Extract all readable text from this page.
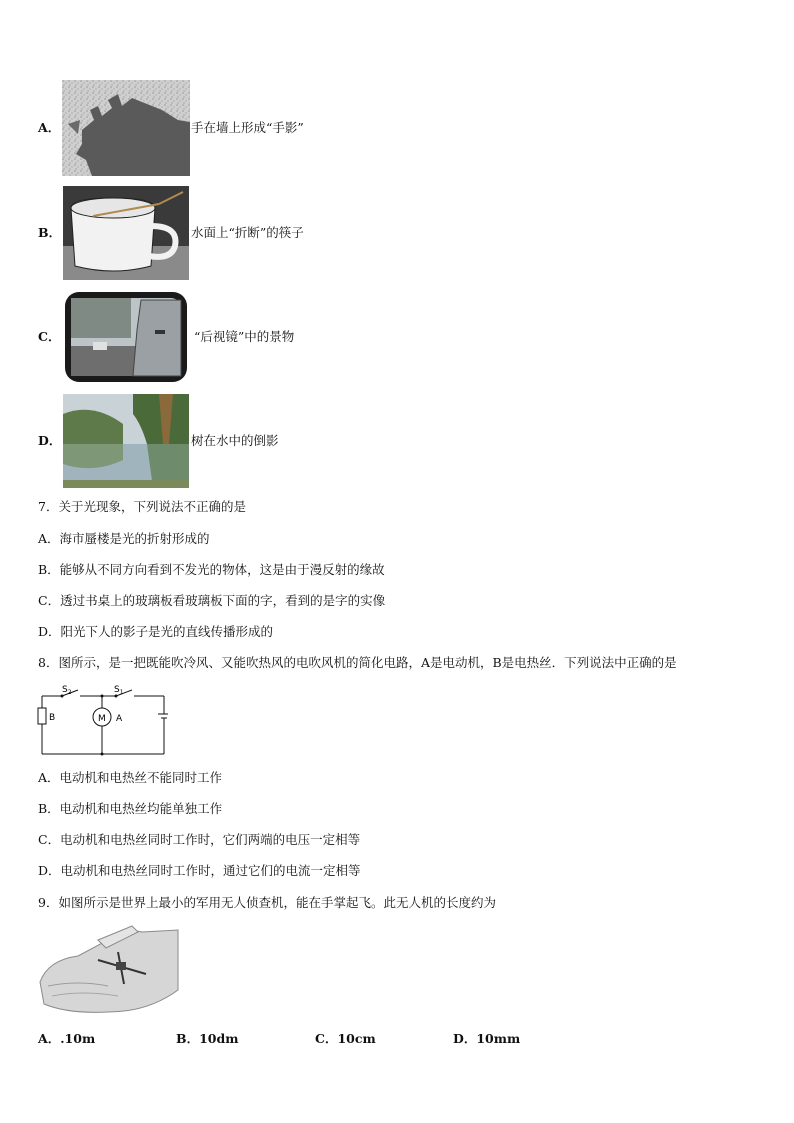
A．	手在墙上形成“手影”
B．	水面上“折断”的筷子
C．	“后视镜”中的景物
D．	树在水中的倒影
7．关于光现象，下列说法不正确的是
A．海市蜃楼是光的折射形成的
B．能够从不同方向看到不发光的物体，这是由于漫反射的缘故
C．透过书桌上的玻璃板看玻璃板下面的字，看到的是字的实像
D．阳光下人的影子是光的直线传播形成的
8．图所示，是一把既能吹冷风、又能吹热风的电吹风机的简化电路，A是电动机，B是电热丝．下列说法中正确的是
$S_2$	$S_1$
B	M A
A．电动机和电热丝不能同时工作
B．电动机和电热丝均能单独工作
C．电动机和电热丝同时工作时，它们两端的电压一定相等
D．电动机和电热丝同时工作时，通过它们的电流一定相等
9．如图所示是世界上最小的军用无人侦查机，能在手掌起飞。此无人机的长度约为
A．.10m	B．10dm	C．10cm	D．10mm
